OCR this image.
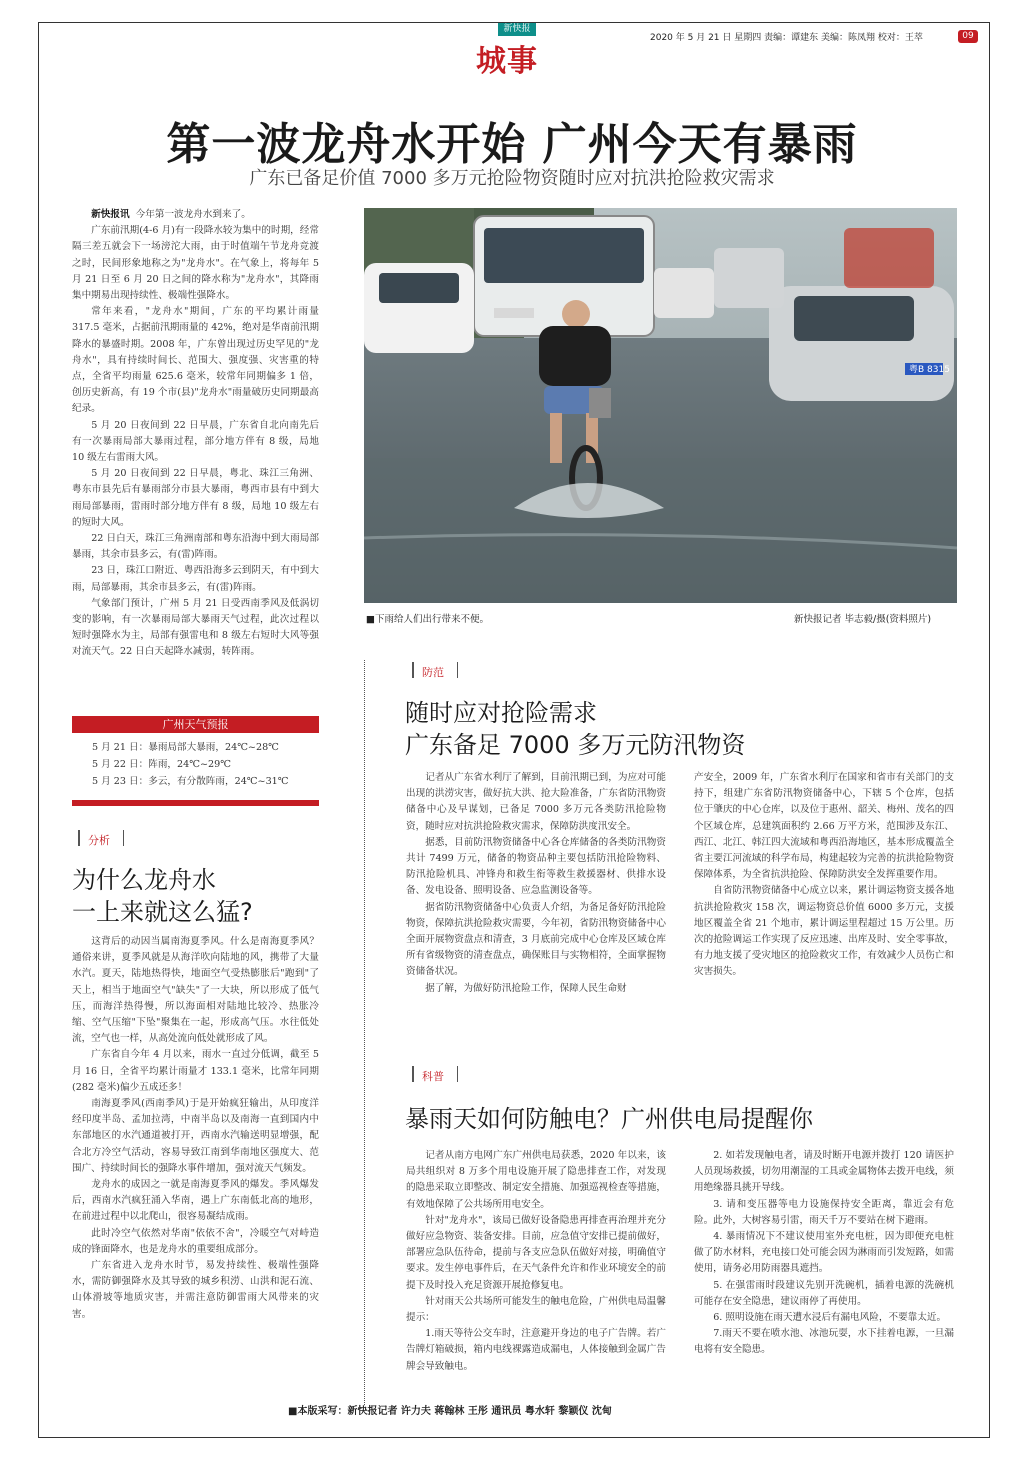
新快报
城事
2020 年 5 月 21 日 星期四 责编：谭建东 美编：陈凤翔 校对：王萃	09
第一波龙舟水开始 广州今天有暴雨
广东已备足价值 7000 多万元抢险物资随时应对抗洪抢险救灾需求

新快报讯 今年第一波龙舟水到来了。

广东前汛期(4-6 月)有一段降水较为集中的时期，经常隔三差五就会下一场滂沱大雨，由于时值端午节龙舟竞渡之时，民间形象地称之为"龙舟水"。在气象上，将每年 5 月 21 日至 6 月 20 日之间的降水称为"龙舟水"，其降雨集中期易出现持续性、极端性强降水。

常年来看，"龙舟水"期间，广东的平均累计雨量 317.5 毫米，占据前汛期雨量的 42%，绝对是华南前汛期降水的暴盛时期。2008 年，广东曾出现过历史罕见的"龙舟水"，具有持续时间长、范围大、强度强、灾害重的特点，全省平均雨量 625.6 毫米，较常年同期偏多 1 倍，创历史新高，有 19 个市(县)"龙舟水"雨量破历史同期最高纪录。

5 月 20 日夜间到 22 日早晨，广东省自北向南先后有一次暴雨局部大暴雨过程，部分地方伴有 8 级，局地 10 级左右雷雨大风。

5 月 20 日夜间到 22 日早晨，粤北、珠江三角洲、粤东市县先后有暴雨部分市县大暴雨，粤西市县有中到大雨局部暴雨，雷雨时部分地方伴有 8 级，局地 10 级左右的短时大风。

22 日白天，珠江三角洲南部和粤东沿海中到大雨局部暴雨，其余市县多云，有(雷)阵雨。

23 日，珠江口附近、粤西沿海多云到阴天，有中到大雨，局部暴雨，其余市县多云，有(雷)阵雨。

气象部门预计，广州 5 月 21 日受西南季风及低涡切变的影响，有一次暴雨局部大暴雨天气过程，此次过程以短时强降水为主，局部有强雷电和 8 级左右短时大风等强对流天气。22 日白天起降水减弱，转阵雨。

粤B 8315
■下雨给人们出行带来不便。	新快报记者 毕志毅/摄(资料照片)
广州天气预报
5 月 21 日：暴雨局部大暴雨，24℃~28℃
5 月 22 日：阵雨，24℃~29℃
5 月 23 日：多云，有分散阵雨，24℃~31℃
分析
为什么龙舟水
一上来就这么猛?

这背后的动因当属南海夏季风。什么是南海夏季风？通俗来讲，夏季风就是从海洋吹向陆地的风，携带了大量水汽。夏天，陆地热得快，地面空气受热膨胀后"跑到"了天上，相当于地面空气"缺失"了一大块，所以形成了低气压，而海洋热得慢，所以海面相对陆地比较冷、热胀冷缩、空气压缩"下坠"聚集在一起，形成高气压。水往低处流，空气也一样，从高处流向低处就形成了风。

广东省自今年 4 月以来，雨水一直过分低调，截至 5 月 16 日，全省平均累计雨量才 133.1 毫米，比常年同期(282 毫米)偏少五成还多！

南海夏季风(西南季风)于是开始疯狂输出，从印度洋经印度半岛、孟加拉湾，中南半岛以及南海一直到国内中东部地区的水汽通道被打开，西南水汽输送明显增强，配合北方冷空气活动，容易导致江南到华南地区强度大、范围广、持续时间长的强降水事件增加，强对流天气频发。

龙舟水的成因之一就是南海夏季风的爆发。季风爆发后，西南水汽疯狂涌入华南，遇上广东南低北高的地形，在前进过程中以北爬山，很容易凝结成雨。

此时冷空气依然对华南"依依不舍"，冷暖空气对峙造成的锋面降水，也是龙舟水的重要组成部分。

广东省进入龙舟水时节，易发持续性、极端性强降水，需防御强降水及其导致的城乡积涝、山洪和泥石流、山体滑坡等地质灾害，并需注意防御雷雨大风带来的灾害。

防范
随时应对抢险需求
广东备足 7000 多万元防汛物资

记者从广东省水利厅了解到，目前汛期已到，为应对可能出现的洪涝灾害，做好抗大洪、抢大险准备，广东省防汛物资储备中心及早谋划，已备足 7000 多万元各类防汛抢险物资，随时应对抗洪抢险救灾需求，保障防洪度汛安全。

据悉，目前防汛物资储备中心各仓库储备的各类防汛物资共计 7499 万元，储备的物资品种主要包括防汛抢险物料、防汛抢险机具、冲锋舟和救生衔等救生救援器材、供排水设备、发电设备、照明设备、应急监测设备等。

据省防汛物资储备中心负责人介绍，为备足备好防汛抢险物资，保障抗洪抢险救灾需要，今年初，省防汛物资储备中心全面开展物资盘点和清查，3 月底前完成中心仓库及区域仓库所有省级物资的清查盘点，确保账目与实物相符，全面掌握物资储备状况。

据了解，为做好防汛抢险工作，保障人民生命财

产安全，2009 年，广东省水利厅在国家和省市有关部门的支持下，组建广东省防汛物资储备中心，下辖 5 个仓库，包括位于肇庆的中心仓库，以及位于惠州、韶关、梅州、茂名的四个区域仓库，总建筑面积约 2.66 万平方米，范围涉及东江、西江、北江、韩江四大流域和粤西沿海地区，基本形成覆盖全省主要江河流域的科学布局，构建起较为完善的抗洪抢险物资保障体系，为全省抗洪抢险、保障防洪安全发挥重要作用。

自省防汛物资储备中心成立以来，累计调运物资支援各地抗洪抢险救灾 158 次，调运物资总价值 6000 多万元，支援地区覆盖全省 21 个地市，累计调运里程超过 15 万公里。历次的抢险调运工作实现了反应迅速、出库及时、安全零事故，有力地支援了受灾地区的抢险救灾工作，有效减少人员伤亡和灾害损失。

科普
暴雨天如何防触电？广州供电局提醒你

记者从南方电网广东广州供电局获悉，2020 年以来，该局共组织对 8 万多个用电设施开展了隐患排查工作，对发现的隐患采取立即整改、制定安全措施、加强巡视检查等措施，有效地保障了公共场所用电安全。

针对"龙舟水"，该局已做好设备隐患再排查再治理并充分做好应急物资、装备安排。目前，应急值守安排已提前做好，部署应急队伍待命，提前与各支应急队伍做好对接，明确值守要求。发生停电事件后，在天气条件允许和作业环境安全的前提下及时投入充足资源开展抢修复电。

针对雨天公共场所可能发生的触电危险，广州供电局温馨提示：

1.雨天等待公交车时，注意避开身边的电子广告牌。若广告牌灯箱破损，箱内电线裸露造成漏电，人体接触到金属广告牌会导致触电。

2. 如若发现触电者，请及时断开电源并拨打 120 请医护人员现场救援，切勿用潮湿的工具或金属物体去拨开电线，须用绝缘器具挑开导线。

3. 请和变压器等电力设施保持安全距离，靠近会有危险。此外，大树容易引雷，雨天千万不要站在树下避雨。

4. 暴雨情况下不建议使用室外充电桩，因为即便充电桩做了防水材料，充电接口处可能会因为淋雨而引发短路，如需使用，请务必用防雨器具遮挡。

5. 在强雷雨时段建议先别开洗碗机，插着电源的洗碗机可能存在安全隐患，建议雨停了再使用。

6. 照明设施在雨天遭水浸后有漏电风险，不要靠太近。

7.雨天不要在喷水池、冰池玩耍，水下挂着电源，一旦漏电将有安全隐患。

■本版采写：新快报记者 许力夫 蒋翰林 王彤 通讯员 粤水轩 黎颖仪 沈甸
